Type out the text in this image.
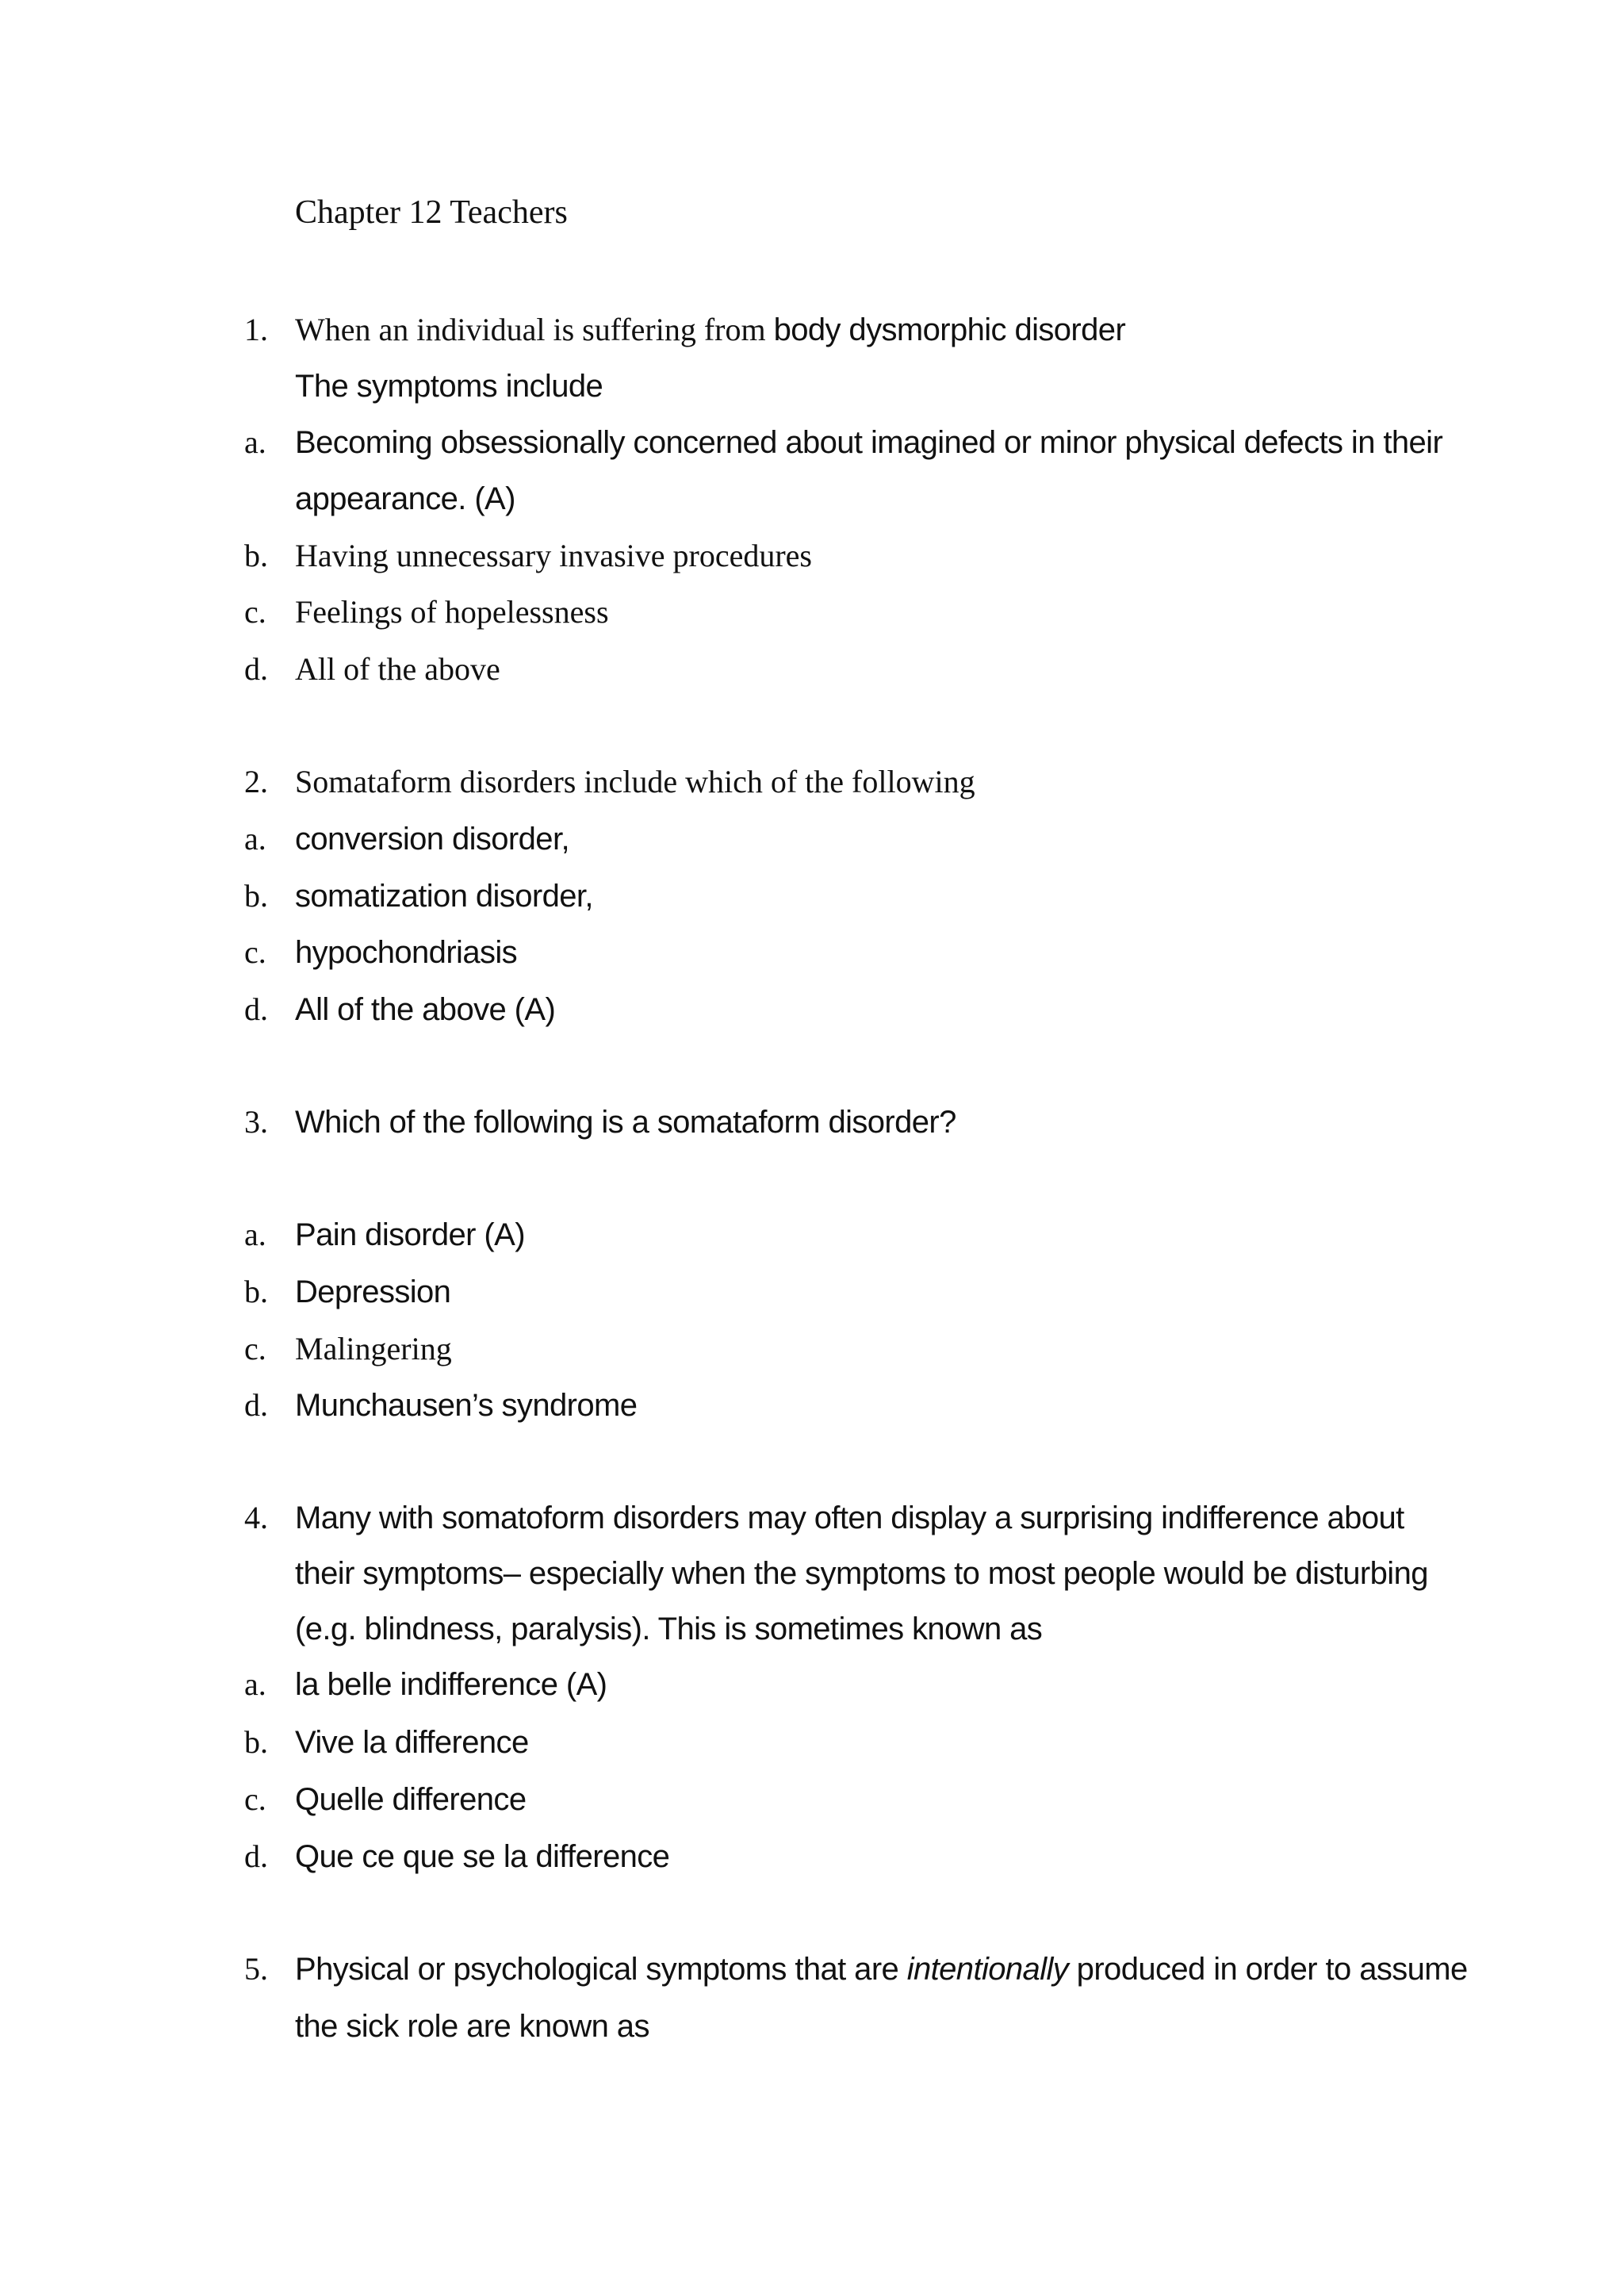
Chapter 12 Teachers
1. When an individual is suffering from body dysmorphic disorder
The symptoms include
a. Becoming obsessionally concerned about imagined or minor physical defects in their
appearance. (A)
b. Having unnecessary invasive procedures
c. Feelings of hopelessness
d. All of the above
2. Somataform disorders include which of the following
a. conversion disorder,
b. somatization disorder,
c. hypochondriasis
d. All of the above (A)
3. Which of the following is a somataform disorder?
a. Pain disorder (A)
b. Depression
c. Malingering
d. Munchausen’s syndrome
4. Many with somatoform disorders may often display a surprising indifference about
their symptoms– especially when the symptoms to most people would be disturbing
(e.g. blindness, paralysis). This is sometimes known as
a. la belle indifference (A)
b. Vive la difference
c. Quelle difference
d. Que ce que se la difference
5. Physical or psychological symptoms that are intentionally produced in order to assume
the sick role are known as
